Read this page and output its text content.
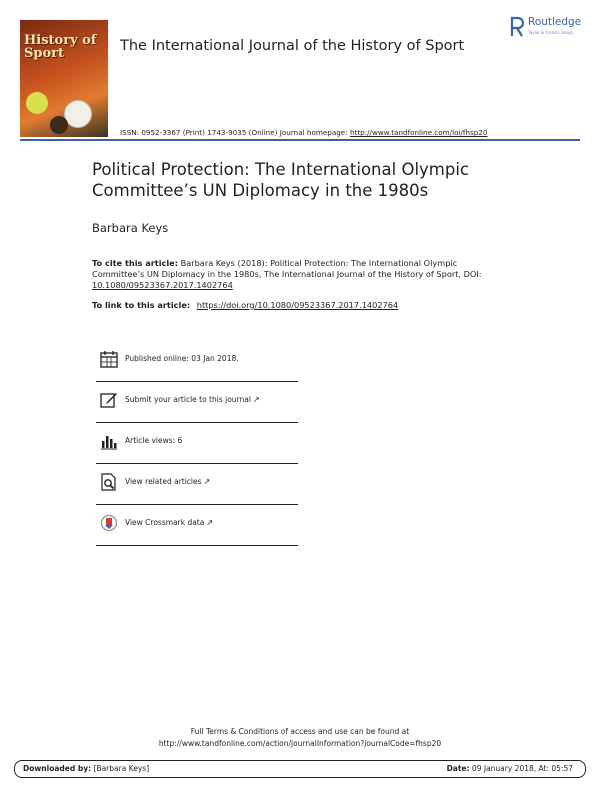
History of
Sport	The International Journal of the History of Sport
Routledge
Taylor & Francis Group
ISSN: 0952-3367 (Print) 1743-9035 (Online) Journal homepage: http://www.tandfonline.com/loi/fhsp20
Political Protection: The International Olympic Committee’s UN Diplomacy in the 1980s
Barbara Keys
To cite this article: Barbara Keys (2018): Political Protection: The International Olympic Committee’s UN Diplomacy in the 1980s, The International Journal of the History of Sport, DOI: 10.1080/09523367.2017.1402764
To link to this article: https://doi.org/10.1080/09523367.2017.1402764
Published online: 03 Jan 2018.
Submit your article to this journal ↗
Article views: 6
View related articles ↗
View Crossmark data ↗
Full Terms & Conditions of access and use can be found at
http://www.tandfonline.com/action/journalInformation?journalCode=fhsp20
Downloaded by: [Barbara Keys]	Date: 09 January 2018, At: 05:57
